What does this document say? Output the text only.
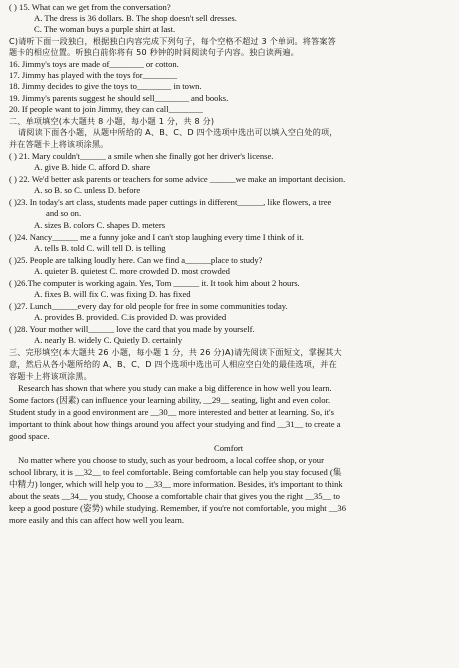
( ) 15. What can we get from the conversation?
A. The dress is 36 dollars. B. The shop doesn't sell dresses.
C. The woman buys a purple shirt at last.
C)请听下面一段独白，根据独白内容完成下列句子，每个空格不超过 3 个单词。将答案答
题卡的相应位置。听独白前你将有 50 秒钟的时间阅读句子内容。独白读两遍。
16. Jimmy's toys are made of________ or cotton.
17. Jimmy has played with the toys for________
18. Jimmy decides to give the toys to________ in town.
19. Jimmy's parents suggest he should sell________ and books.
20. If people want to join Jimmy, they can call________
二、单项填空(本大题共 8 小题，每小题 1 分，共 8 分)
请阅读下面各小题，从题中所给的 A、B、C、D 四个选项中选出可以填入空白处的项，
并在答题卡上将该项涂黑。
( ) 21. Mary couldn't______ a smile when she finally got her driver's license.
A. give B. hide C. afford D. share
( ) 22. We'd better ask parents or teachers for some advice ______we make an important decision.
A. so B. so C. unless D. before
( )23. In today's art class, students made paper cuttings in different______, like flowers, a tree
and so on.
A. sizes B. colors C. shapes D. meters
( )24. Nancy______ me a funny joke and I can't stop laughing every time I think of it.
A. tells B. told C. will tell D. is telling
( )25. People are talking loudly here. Can we find a______place to study?
A. quieter B. quietest C. more crowded D. most crowded
( )26.The computer is working again. Yes, Tom ______ it. It took him about 2 hours.
A. fixes B. will fix C. was fixing D. has fixed
( )27. Lunch______every day for old people for free in some communities today.
A. provides B. provided. C.is provided D. was provided
( )28. Your mother will______ love the card that you made by yourself.
A. nearly B. widely C. Quietly D. certainly
三、完形填空(本大题共 26 小题，每小题 1 分，共 26 分)A)请先阅读下面短文，掌握其大
意，然后从各小题所给的 A、B、C、D 四个选项中选出可人相应空白处的最佳选项，并在
容题卡上将该项涂黑。
Research has shown that where you study can make a big difference in how well you learn.
Some factors (因素) can influence your learning ability, __29__ seating, light and even color.
Student study in a good environment are __30__ more interested and better at learning. So, it's
important to think about how things around you affect your studying and find __31__ to create a
good space.
Comfort
No matter where you choose to study, such as your bedroom, a local coffee shop, or your
school library, it is __32__ to feel comfortable. Being comfortable can help you stay focused (集
中精力) longer, which will help you to __33__ more information. Besides, it's important to think
about the seats __34__ you study, Choose a comfortable chair that gives you the right __35__ to
keep a good posture (姿势) while studying. Remember, if you're not comfortable, you might __36
more easily and this can affect how well you learn.
